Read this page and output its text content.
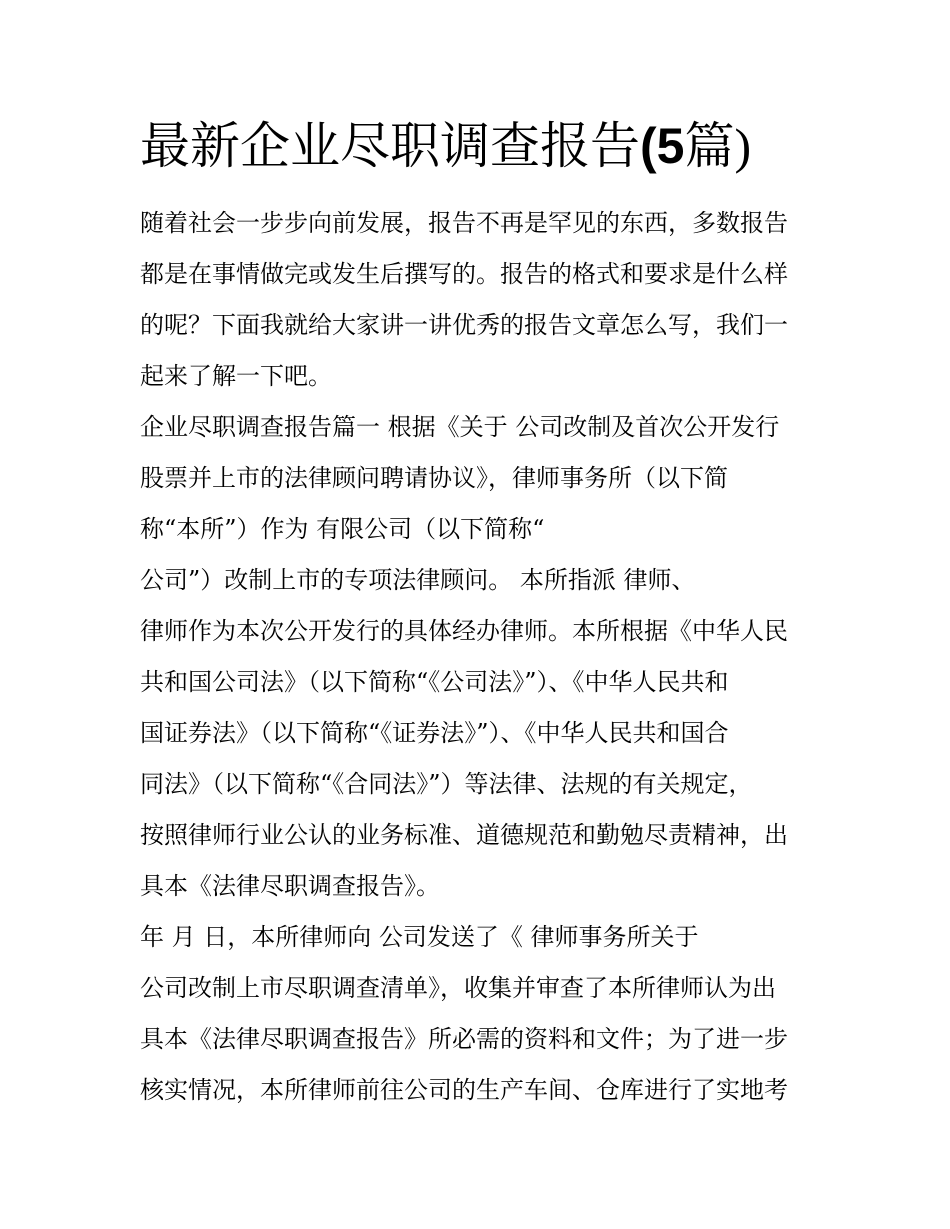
最新企业尽职调查报告(5篇)
随着社会一步步向前发展，报告不再是罕见的东西，多数报告
都是在事情做完或发生后撰写的。报告的格式和要求是什么样
的呢？下面我就给大家讲一讲优秀的报告文章怎么写，我们一
起来了解一下吧。
企业尽职调查报告篇一 根据《关于 公司改制及首次公开发行
股票并上市的法律顾问聘请协议》，律师事务所（以下简
称“本所”）作为 有限公司（以下简称“
公司”）改制上市的专项法律顾问。 本所指派 律师、
律师作为本次公开发行的具体经办律师。本所根据《中华人民
共和国公司法》（以下简称“《公司法》”）、《中华人民共和
国证券法》（以下简称“《证券法》”）、《中华人民共和国合
同法》（以下简称“《合同法》”）等法律、法规的有关规定，
按照律师行业公认的业务标准、道德规范和勤勉尽责精神，出
具本《法律尽职调查报告》。
年 月 日，本所律师向 公司发送了《 律师事务所关于
公司改制上市尽职调查清单》，收集并审查了本所律师认为出
具本《法律尽职调查报告》所必需的资料和文件；为了进一步
核实情况，本所律师前往公司的生产车间、仓库进行了实地考
